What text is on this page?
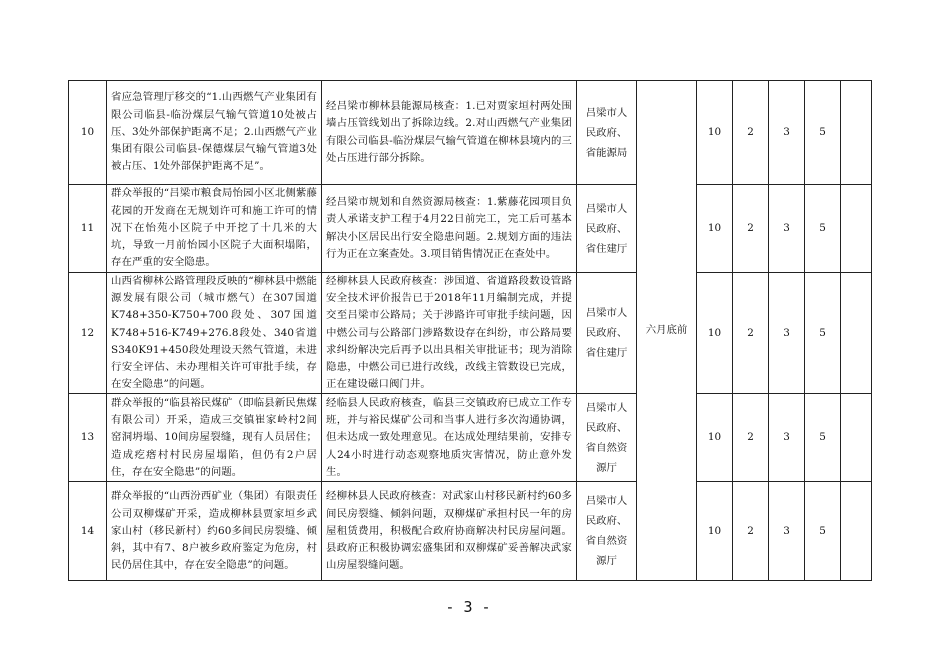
10	省应急管理厅移交的“1.山西燃气产业集团有限公司临县-临汾煤层气输气管道10处被占压、3处外部保护距离不足；2.山西燃气产业集团有限公司临县-保德煤层气输气管道3处被占压、1处外部保护距离不足”。	经吕梁市柳林县能源局核查：1.已对贾家垣村两处围墙占压管线划出了拆除边线。2.对山西燃气产业集团有限公司临县-临汾煤层气输气管道在柳林县境内的三处占压进行部分拆除。	吕梁市人民政府、省能源局	六月底前	10	2	3	5	
11	群众举报的“吕梁市粮食局怡园小区北侧紫藤花园的开发商在无规划许可和施工许可的情况下在怡苑小区院子中开挖了十几米的大坑，导致一月前怡园小区院子大面积塌陷，存在严重的安全隐患。	经吕梁市规划和自然资源局核查：1.紫藤花园项目负责人承诺支护工程于4月22日前完工，完工后可基本解决小区居民出行安全隐患问题。2.规划方面的违法行为正在立案查处。3.项目销售情况正在查处中。	吕梁市人民政府、省住建厅		10	2	3	5	
12	山西省柳林公路管理段反映的“柳林县中燃能源发展有限公司（城市燃气）在307国道K748+350-K750+700段处、307国道K748+516-K749+276.8段处、340省道S340K91+450段处理设天然气管道，未进行安全评估、未办理相关许可审批手续，存在安全隐患”的问题。	经柳林县人民政府核查：涉国道、省道路段数设管路安全技术评价报告已于2018年11月编制完成，并提交至吕梁市公路局；关于涉路许可审批手续问题，因中燃公司与公路部门涉路数设存在纠纷，市公路局要求纠纷解决完后再予以出具相关审批证书；现为消除隐患，中燃公司已进行改线，改线主管数设已完成，正在建设磁口阀门井。	吕梁市人民政府、省住建厅		10	2	3	5	
13	群众举报的“临县裕民煤矿（即临县新民焦煤有限公司）开采，造成三交镇崔家岭村2间窑洞坍塌、10间房屋裂缝，现有人员居住；造成疙瘩村村民房屋塌陷，但仍有2户居住，存在安全隐患”的问题。	经临县人民政府核查，临县三交镇政府已成立工作专班，并与裕民煤矿公司和当事人进行多次沟通协调，但未达成一致处理意见。在达成处理结果前，安排专人24小时进行动态观察地质灾害情况，防止意外发生。	吕梁市人民政府、省自然资源厅		10	2	3	5	
14	群众举报的“山西汾西矿业（集团）有限责任公司双柳煤矿开采，造成柳林县贾家垣乡武家山村（移民新村）约60多间民房裂缝、倾斜，其中有7、8户被乡政府鉴定为危房，村民仍居住其中，存在安全隐患”的问题。	经柳林县人民政府核查：对武家山村移民新村约60多间民房裂缝、倾斜问题，双柳煤矿承担村民一年的房屋租赁费用，积极配合政府协商解决村民房屋问题。县政府正积极协调宏盛集团和双柳煤矿妥善解决武家山房屋裂缝问题。	吕梁市人民政府、省自然资源厅		10	2	3	5	
- 3 -
